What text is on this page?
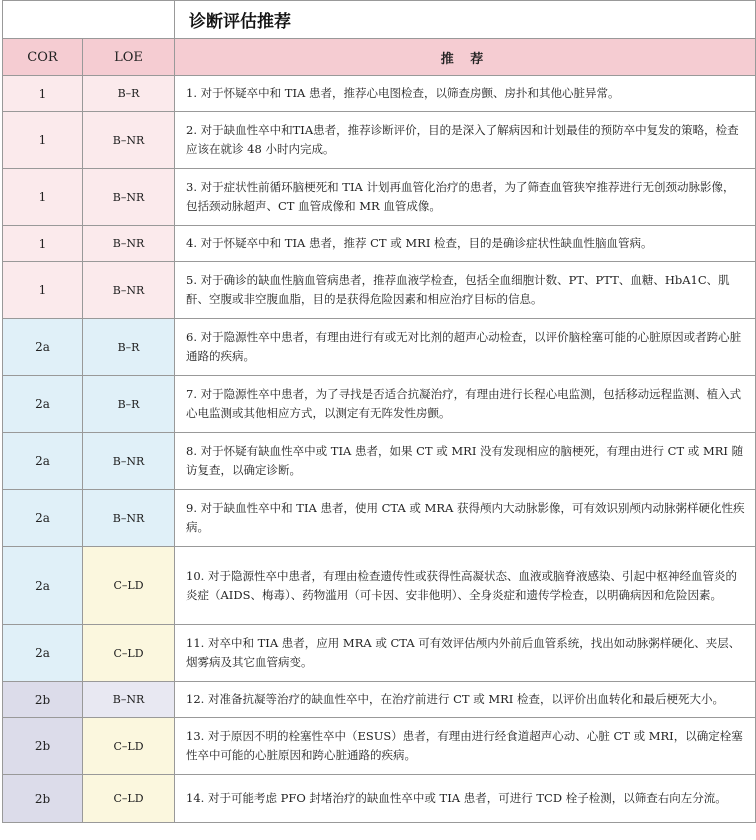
		诊断评估推荐
COR	LOE	推 荐
1	B–R	1. 对于怀疑卒中和 TIA 患者，推荐心电图检查，以筛查房颤、房扑和其他心脏异常。
1	B–NR	2. 对于缺血性卒中和TIA患者，推荐诊断评价，目的是深入了解病因和计划最佳的预防卒中复发的策略，检查应该在就诊 48 小时内完成。
1	B–NR	3. 对于症状性前循环脑梗死和 TIA 计划再血管化治疗的患者，为了筛查血管狭窄推荐进行无创颈动脉影像，包括颈动脉超声、CT 血管成像和 MR 血管成像。
1	B–NR	4. 对于怀疑卒中和 TIA 患者，推荐 CT 或 MRI 检查，目的是确诊症状性缺血性脑血管病。
1	B–NR	5. 对于确诊的缺血性脑血管病患者，推荐血液学检查，包括全血细胞计数、PT、PTT、血糖、HbA1C、肌酐、空腹或非空腹血脂，目的是获得危险因素和相应治疗目标的信息。
2a	B–R	6. 对于隐源性卒中患者，有理由进行有或无对比剂的超声心动检查，以评价脑栓塞可能的心脏原因或者跨心脏通路的疾病。
2a	B–R	7. 对于隐源性卒中患者，为了寻找是否适合抗凝治疗，有理由进行长程心电监测，包括移动远程监测、植入式心电监测或其他相应方式，以测定有无阵发性房颤。
2a	B–NR	8. 对于怀疑有缺血性卒中或 TIA 患者，如果 CT 或 MRI 没有发现相应的脑梗死，有理由进行 CT 或 MRI 随访复查，以确定诊断。
2a	B–NR	9. 对于缺血性卒中和 TIA 患者，使用 CTA 或 MRA 获得颅内大动脉影像，可有效识别颅内动脉粥样硬化性疾病。
2a	C–LD	10. 对于隐源性卒中患者，有理由检查遗传性或获得性高凝状态、血液或脑脊液感染、引起中枢神经血管炎的炎症（AIDS、梅毒）、药物滥用（可卡因、安非他明）、全身炎症和遗传学检查，以明确病因和危险因素。
2a	C–LD	11. 对卒中和 TIA 患者，应用 MRA 或 CTA 可有效评估颅内外前后血管系统，找出如动脉粥样硬化、夹层、烟雾病及其它血管病变。
2b	B–NR	12. 对准备抗凝等治疗的缺血性卒中，在治疗前进行 CT 或 MRI 检查，以评价出血转化和最后梗死大小。
2b	C–LD	13. 对于原因不明的栓塞性卒中（ESUS）患者，有理由进行经食道超声心动、心脏 CT 或 MRI，以确定栓塞性卒中可能的心脏原因和跨心脏通路的疾病。
2b	C–LD	14. 对于可能考虑 PFO 封堵治疗的缺血性卒中或 TIA 患者，可进行 TCD 栓子检测，以筛查右向左分流。
